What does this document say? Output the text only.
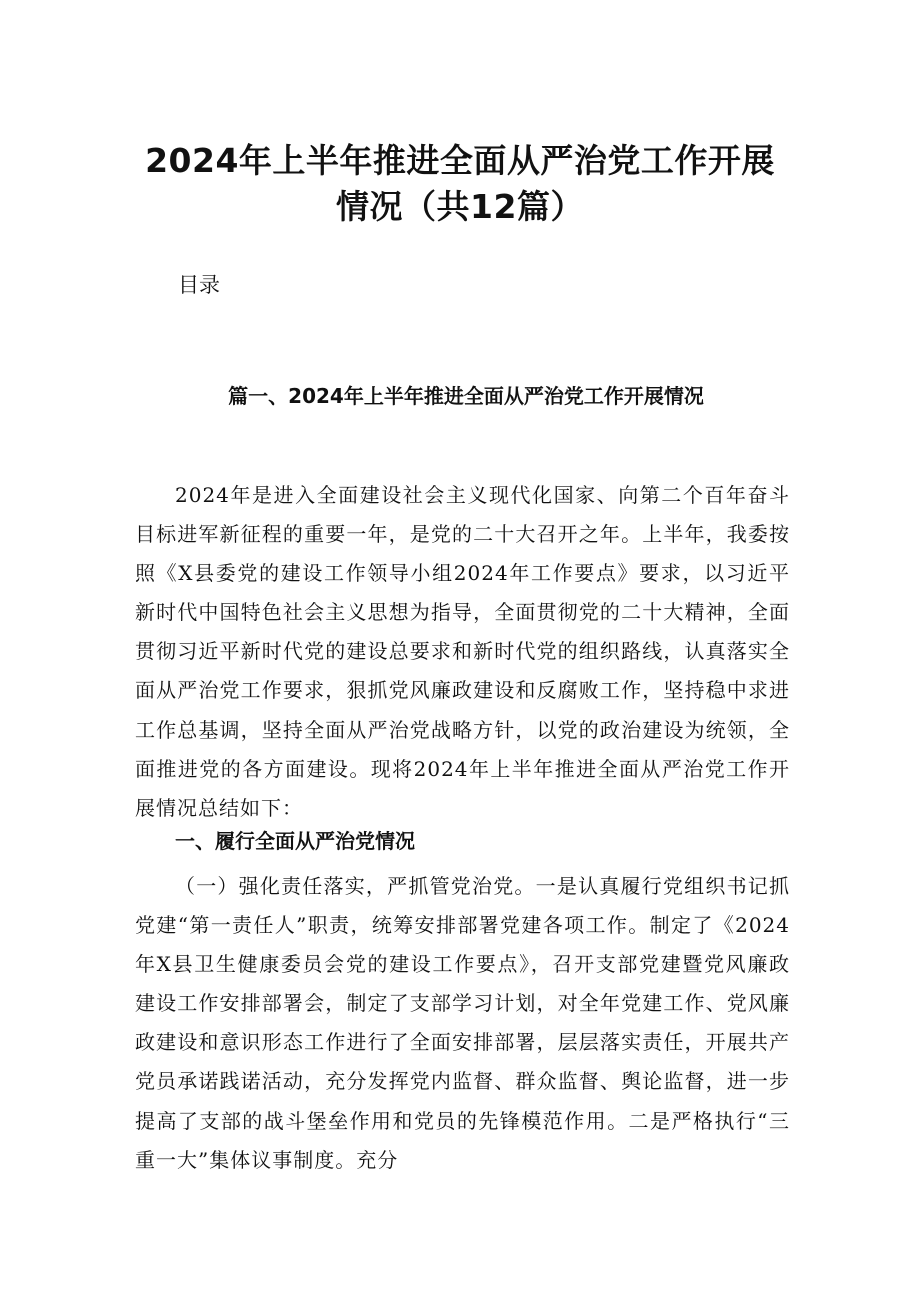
2024年上半年推进全面从严治党工作开展
情况（共12篇）

目录

篇一、2024年上半年推进全面从严治党工作开展情况

2024年是进入全面建设社会主义现代化国家、向第二个百年奋斗目标进军新征程的重要一年，是党的二十大召开之年。上半年，我委按照《X县委党的建设工作领导小组2024年工作要点》要求，以习近平新时代中国特色社会主义思想为指导，全面贯彻党的二十大精神，全面贯彻习近平新时代党的建设总要求和新时代党的组织路线，认真落实全面从严治党工作要求，狠抓党风廉政建设和反腐败工作，坚持稳中求进工作总基调，坚持全面从严治党战略方针，以党的政治建设为统领，全面推进党的各方面建设。现将2024年上半年推进全面从严治党工作开展情况总结如下：

一、履行全面从严治党情况

（一）强化责任落实，严抓管党治党。一是认真履行党组织书记抓党建“第一责任人”职责，统筹安排部署党建各项工作。制定了《2024年X县卫生健康委员会党的建设工作要点》，召开支部党建暨党风廉政建设工作安排部署会，制定了支部学习计划，对全年党建工作、党风廉政建设和意识形态工作进行了全面安排部署，层层落实责任，开展共产党员承诺践诺活动，充分发挥党内监督、群众监督、舆论监督，进一步提高了支部的战斗堡垒作用和党员的先锋模范作用。二是严格执行“三重一大”集体议事制度。充分
